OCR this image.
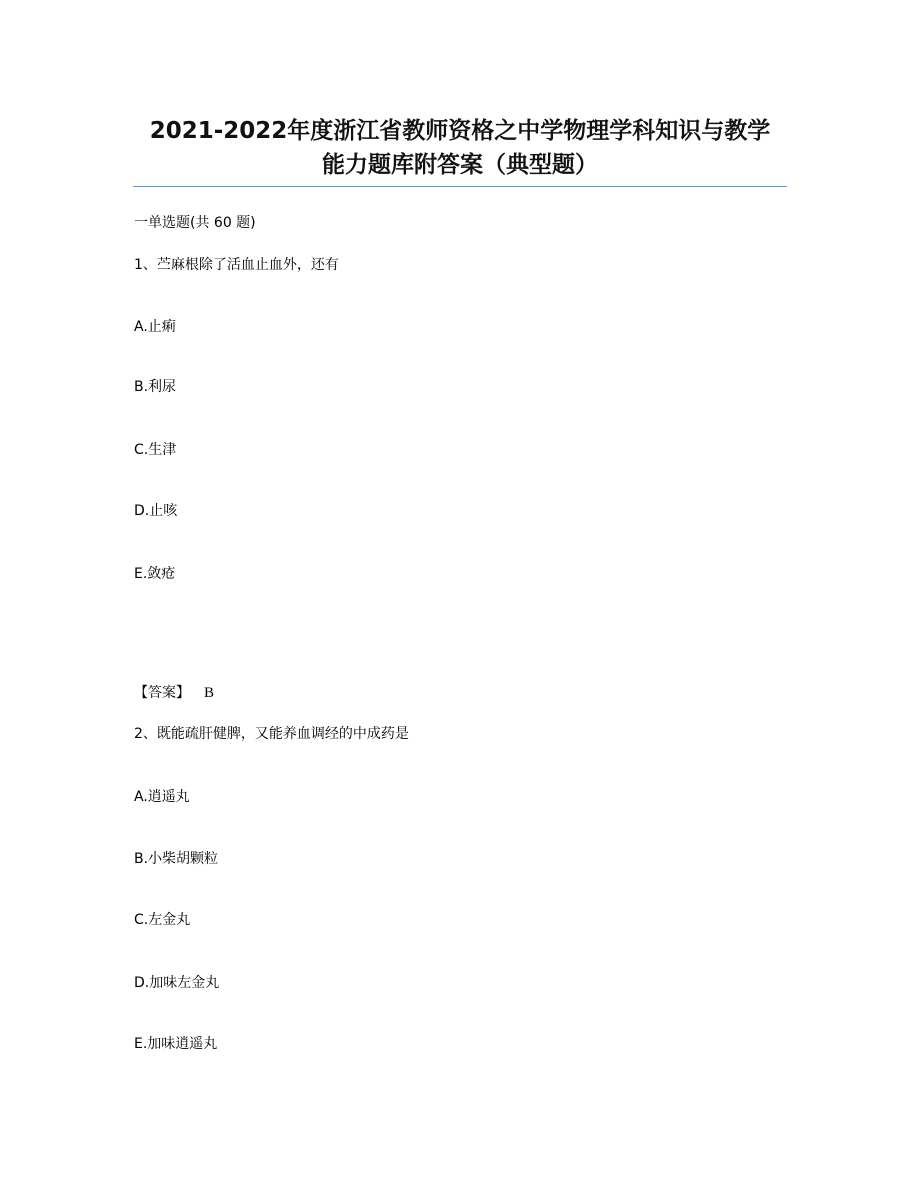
2021-2022年度浙江省教师资格之中学物理学科知识与教学
能力题库附答案（典型题）
一单选题(共 60 题)
1、苎麻根除了活血止血外，还有
A.止痢
B.利尿
C.生津
D.止咳
E.敛疮
【答案】 B
2、既能疏肝健脾，又能养血调经的中成药是
A.逍遥丸
B.小柴胡颗粒
C.左金丸
D.加味左金丸
E.加味逍遥丸
